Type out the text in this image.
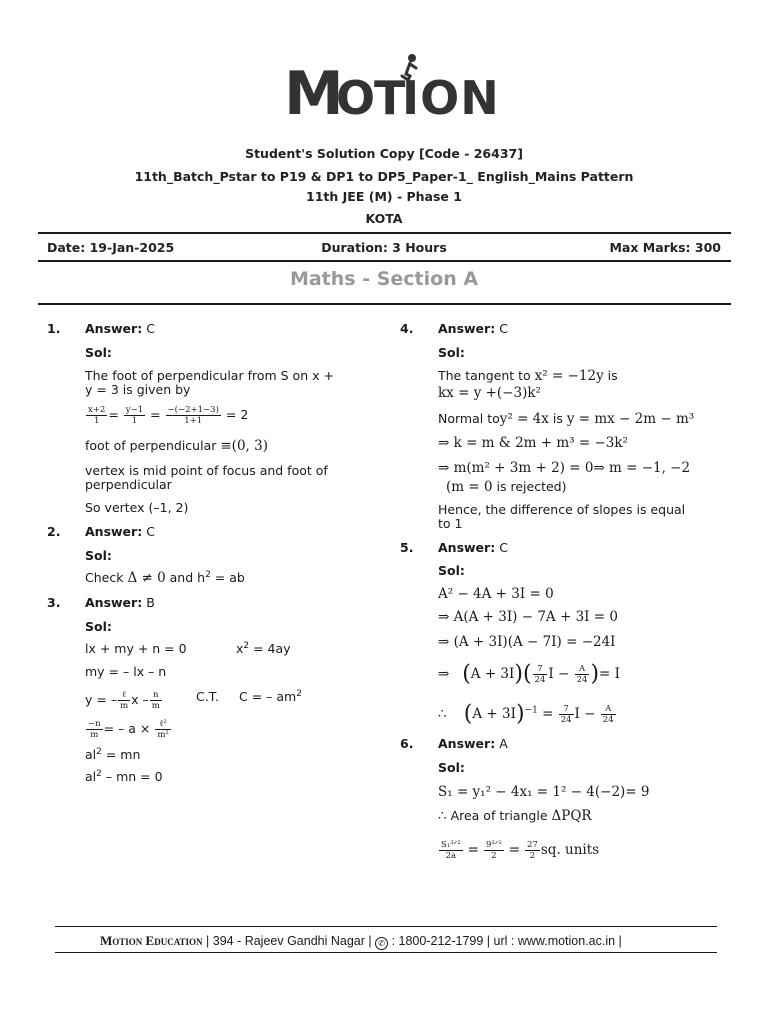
M
O
T
ION
Student's Solution Copy [Code - 26437]
11th_Batch_Pstar to P19 & DP1 to DP5_Paper-1_ English_Mains Pattern
11th JEE (M) - Phase 1
KOTA
Date: 19-Jan-2025	Duration: 3 Hours	Max Marks: 300
Maths - Section A
1. Answer: C
Sol:
The foot of perpendicular from S on x + y = 3 is given by
$\frac{x+2}{1} = \frac{y-1}{1} = \frac{-(-2+1-3)}{1+1} = 2$
foot of perpendicular ≡(0, 3)
vertex is mid point of focus and foot of perpendicular
So vertex (–1, 2)
2. Answer: C
Sol:
Check Δ ≠ 0 and $h^2$ = ab
3. Answer: B
Sol:
lx + my + n = 0	$x^2 = 4ay$
my = – lx – n
y = – $\frac{\text{ℓ}}{m}$ x – $\frac{n}{m}$	C.T. C = – $am^2$
$\frac{-n}{m}$ = – $a \times \frac{\text{ℓ²}}{\text{m²}}$
$al^2$ = mn
$al^2$ – mn = 0
4. Answer: C
Sol:
The tangent to x² = −12y is
kx = y +(−3)k²
Normal toy² = 4x is y = mx − 2m − m³
⇒ k = m & 2m + m³ = −3k²
⇒ m(m² + 3m + 2) = 0⇒ m = −1, −2
(m = 0 is rejected)
Hence, the difference of slopes is equal to 1
5. Answer: C
Sol:
A² − 4A + 3I = 0
⇒ A(A + 3I) − 7A + 3I = 0
⇒ (A + 3I)(A − 7I) = −24I
⇒ $(A + 3I)( \frac{7}{24}$ $I - \frac{A}{24}$ )= I
∴ $(A + 3I)^{-1} = \frac{7}{24}$ $I - \frac{A}{24}$
6. Answer: A
Sol:
S₁ = y₁² − 4x₁ = 1² − 4(−2)= 9
∴ Area of triangle ΔPQR
$\frac{\text{S₁³ᐟ²}}{2a} = \frac{\text{9³ᐟ²}}{2} = \frac{27}{2}$ sq. units
Motion Education | 394 - Rajeev Gandhi Nagar | ✆ : 1800-212-1799 | url : www.motion.ac.in |
